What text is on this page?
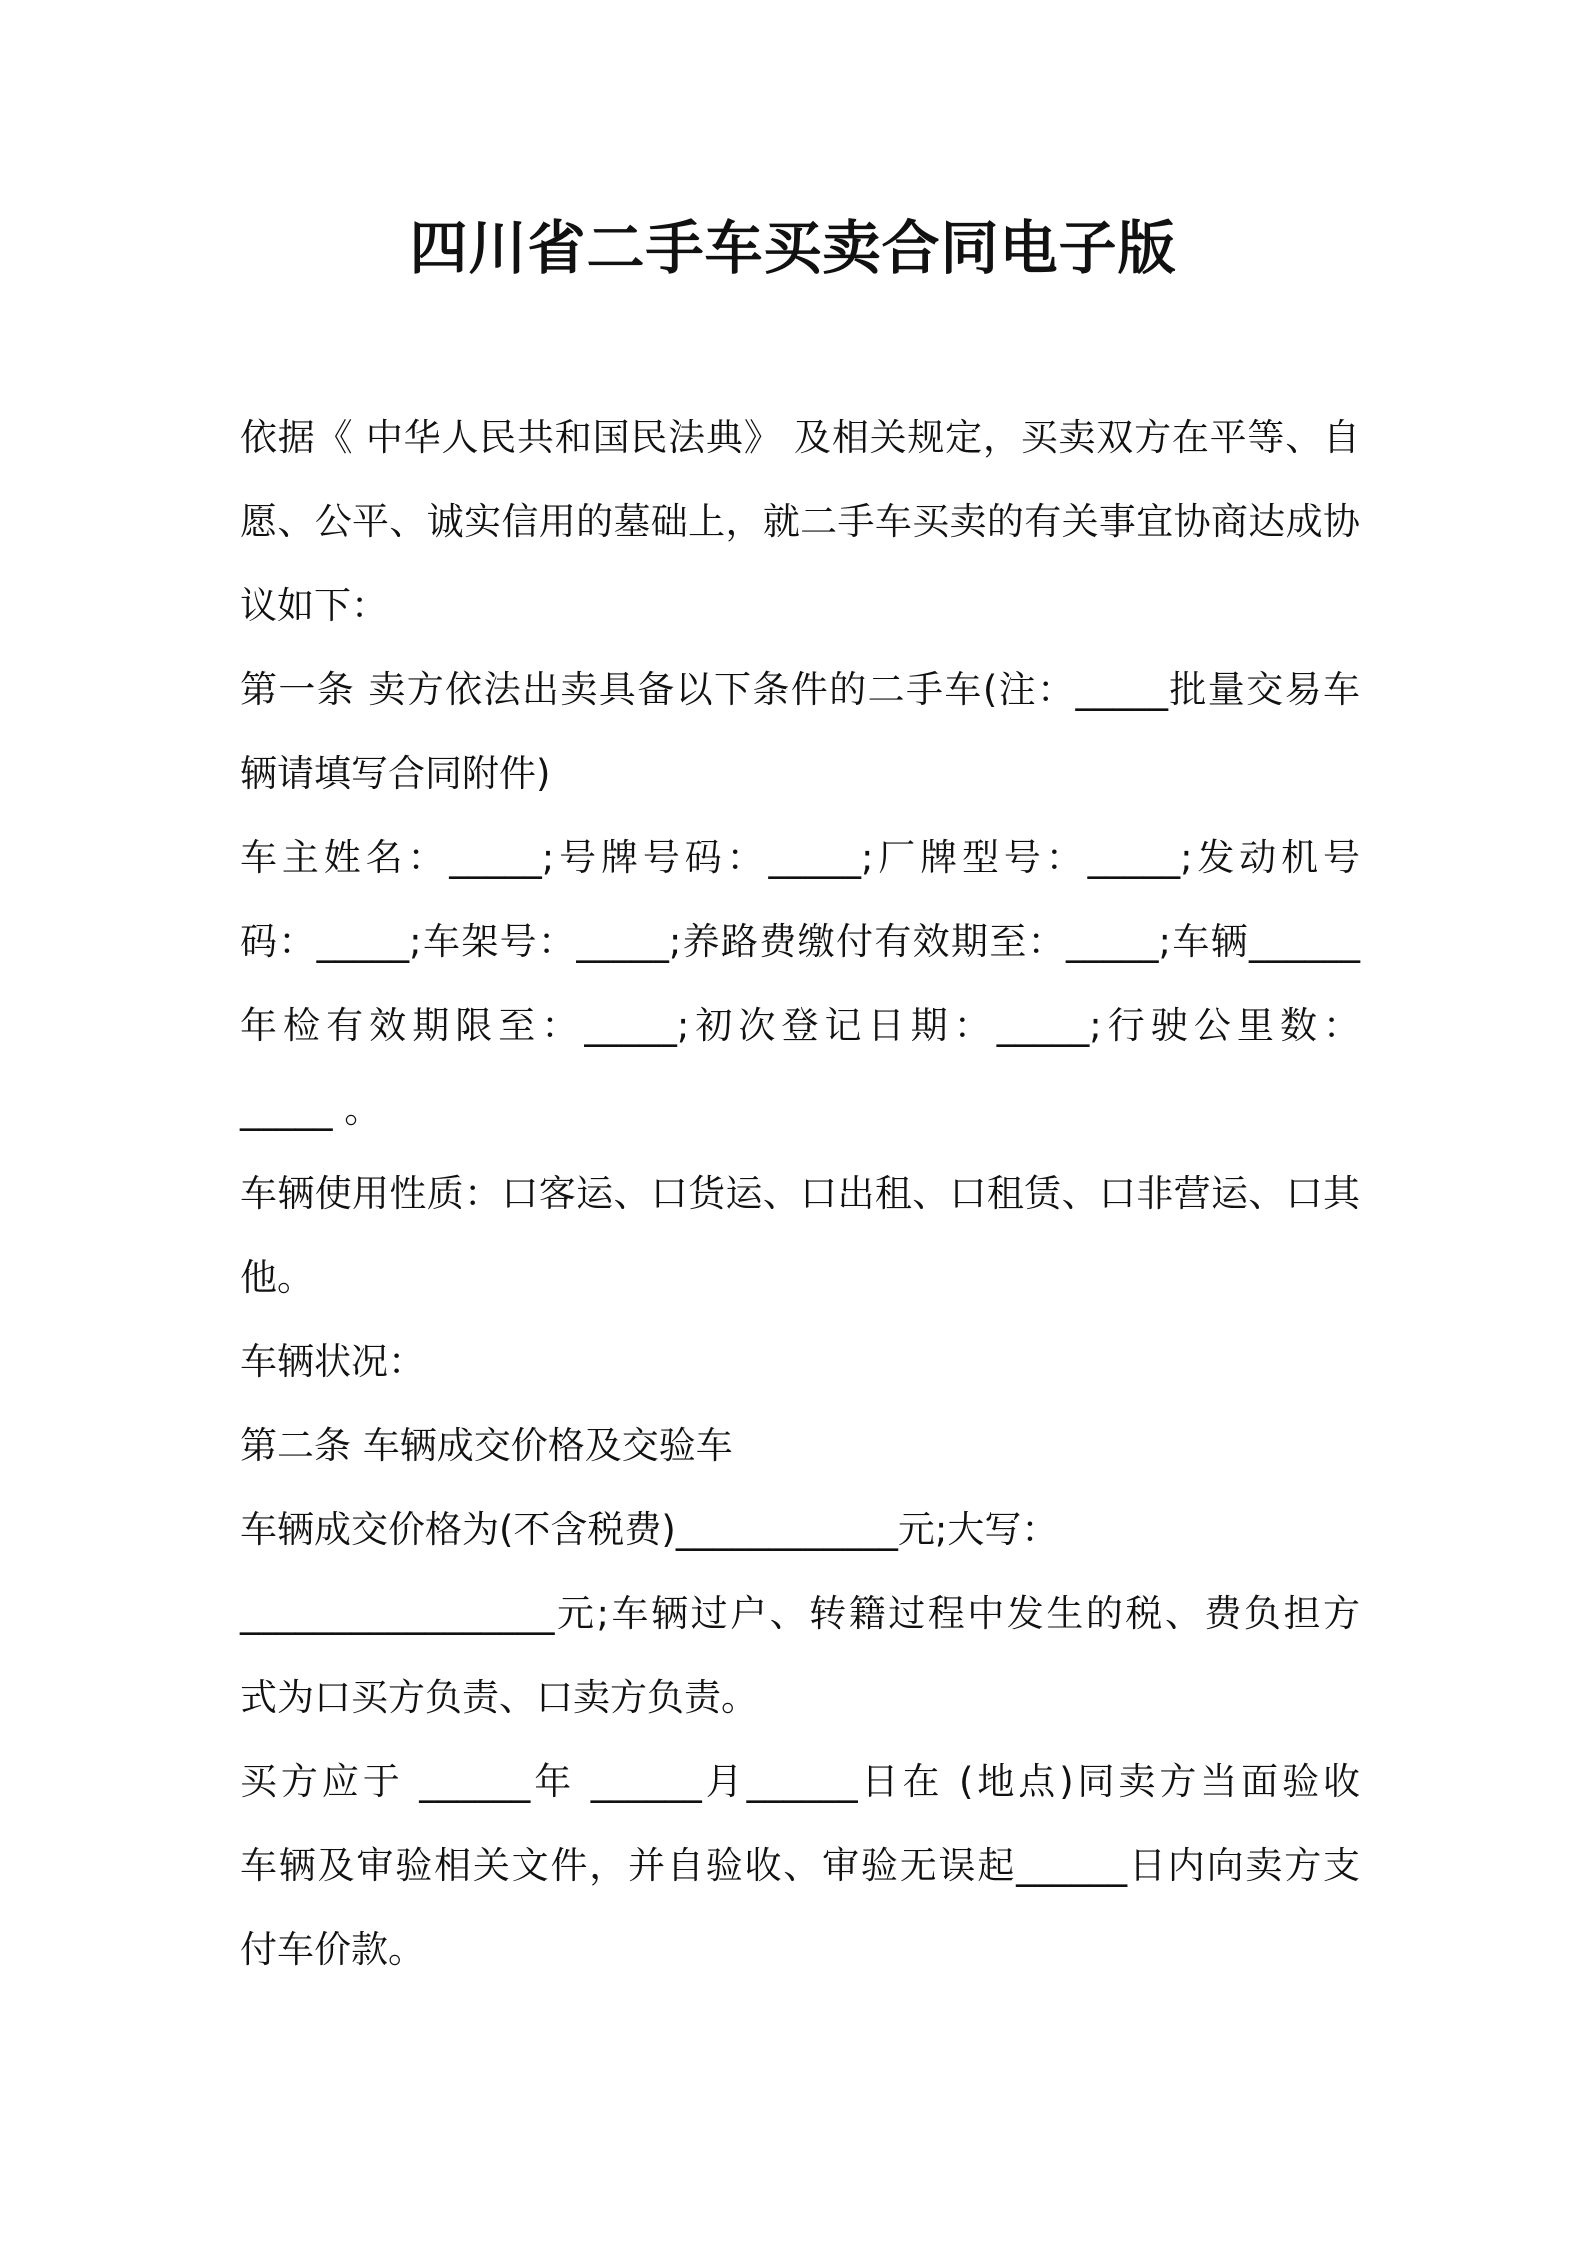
四川省二手车买卖合同电子版
依据《 中华人民共和国民法典》 及相关规定，买卖双方在平等、自
愿、公平、诚实信用的墓础上，就二手车买卖的有关事宜协商达成协
议如下：
第一条 卖方依法出卖具备以下条件的二手车(注：_____批量交易车
辆请填写合同附件)
车主姓名：_____;号牌号码：_____;厂牌型号：_____;发动机号
码：_____;车架号：_____;养路费缴付有效期至：_____;车辆______
年检有效期限至：_____;初次登记日期：_____;行驶公里数：
_____ 。
车辆使用性质：口客运、口货运、口出租、口租赁、口非营运、口其
他。
车辆状况：
第二条 车辆成交价格及交验车
车辆成交价格为(不含税费)____________元;大写：
_________________元;车辆过户、转籍过程中发生的税、费负担方
式为口买方负责、口卖方负责。
买方应于 ______年 ______月______日在 (地点)同卖方当面验收
车辆及审验相关文件，并自验收、审验无误起______日内向卖方支
付车价款。
